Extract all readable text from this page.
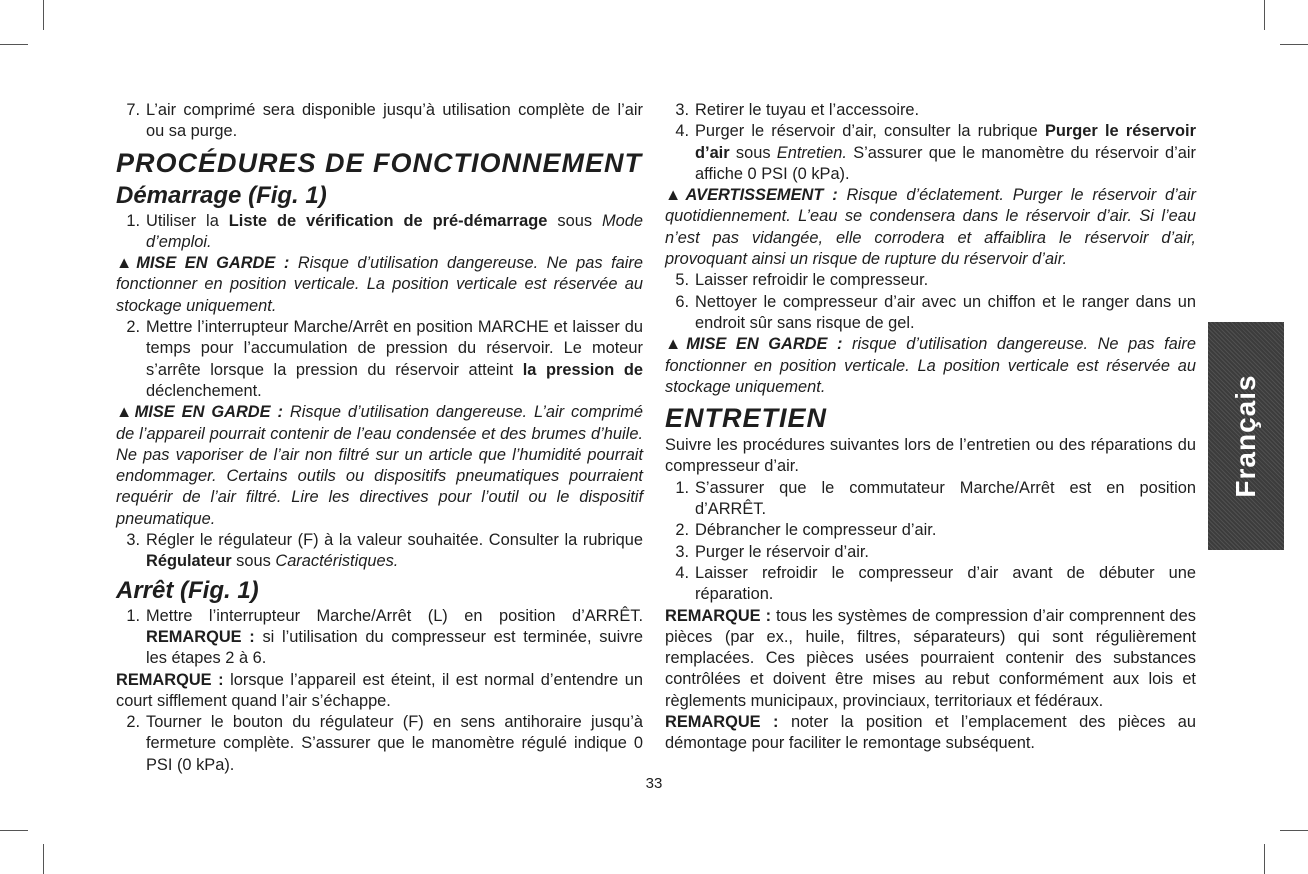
7. L’air comprimé sera disponible jusqu’à utilisation complète de l’air ou sa purge.
PROCÉDURES DE FONCTIONNEMENT
Démarrage (Fig. 1)
1. Utiliser la Liste de vérification de pré-démarrage sous Mode d’emploi.

▲MISE EN GARDE : Risque d’utilisation dangereuse. Ne pas faire fonctionner en position verticale. La position verticale est réservée au stockage uniquement.

2. Mettre l’interrupteur Marche/Arrêt en position MARCHE et laisser du temps pour l’accumulation de pression du réservoir. Le moteur s’arrête lorsque la pression du réservoir atteint la pression de déclenchement.

▲MISE EN GARDE : Risque d’utilisation dangereuse. L’air comprimé de l’appareil pourrait contenir de l’eau condensée et des brumes d’huile. Ne pas vaporiser de l’air non filtré sur un article que l’humidité pourrait endommager. Certains outils ou dispositifs pneumatiques pourraient requérir de l’air filtré. Lire les directives pour l’outil ou le dispositif pneumatique.

3. Régler le régulateur (F) à la valeur souhaitée. Consulter la rubrique Régulateur sous Caractéristiques.
Arrêt (Fig. 1)
1. Mettre l’interrupteur Marche/Arrêt (L) en position d’ARRÊT. REMARQUE : si l’utilisation du compresseur est terminée, suivre les étapes 2 à 6.

REMARQUE : lorsque l’appareil est éteint, il est normal d’entendre un court sifflement quand l’air s’échappe.

2. Tourner le bouton du régulateur (F) en sens antihoraire jusqu’à fermeture complète. S’assurer que le manomètre régulé indique 0 PSI (0 kPa).
3. Retirer le tuyau et l’accessoire.
4. Purger le réservoir d’air, consulter la rubrique Purger le réservoir d’air sous Entretien. S’assurer que le manomètre du réservoir d’air affiche 0 PSI (0 kPa).

▲AVERTISSEMENT : Risque d’éclatement. Purger le réservoir d’air quotidiennement. L’eau se condensera dans le réservoir d’air. Si l’eau n’est pas vidangée, elle corrodera et affaiblira le réservoir d’air, provoquant ainsi un risque de rupture du réservoir d’air.

5. Laisser refroidir le compresseur.
6. Nettoyer le compresseur d’air avec un chiffon et le ranger dans un endroit sûr sans risque de gel.

▲MISE EN GARDE : risque d’utilisation dangereuse. Ne pas faire fonctionner en position verticale. La position verticale est réservée au stockage uniquement.

ENTRETIEN

Suivre les procédures suivantes lors de l’entretien ou des réparations du compresseur d’air.

1. S’assurer que le commutateur Marche/Arrêt est en position d’ARRÊT.
2. Débrancher le compresseur d’air.
3. Purger le réservoir d’air.
4. Laisser refroidir le compresseur d’air avant de débuter une réparation.

REMARQUE : tous les systèmes de compression d’air comprennent des pièces (par ex., huile, filtres, séparateurs) qui sont régulièrement remplacées. Ces pièces usées pourraient contenir des substances contrôlées et doivent être mises au rebut conformément aux lois et règlements municipaux, provinciaux, territoriaux et fédéraux.

REMARQUE : noter la position et l’emplacement des pièces au démontage pour faciliter le remontage subséquent.

Français
33
